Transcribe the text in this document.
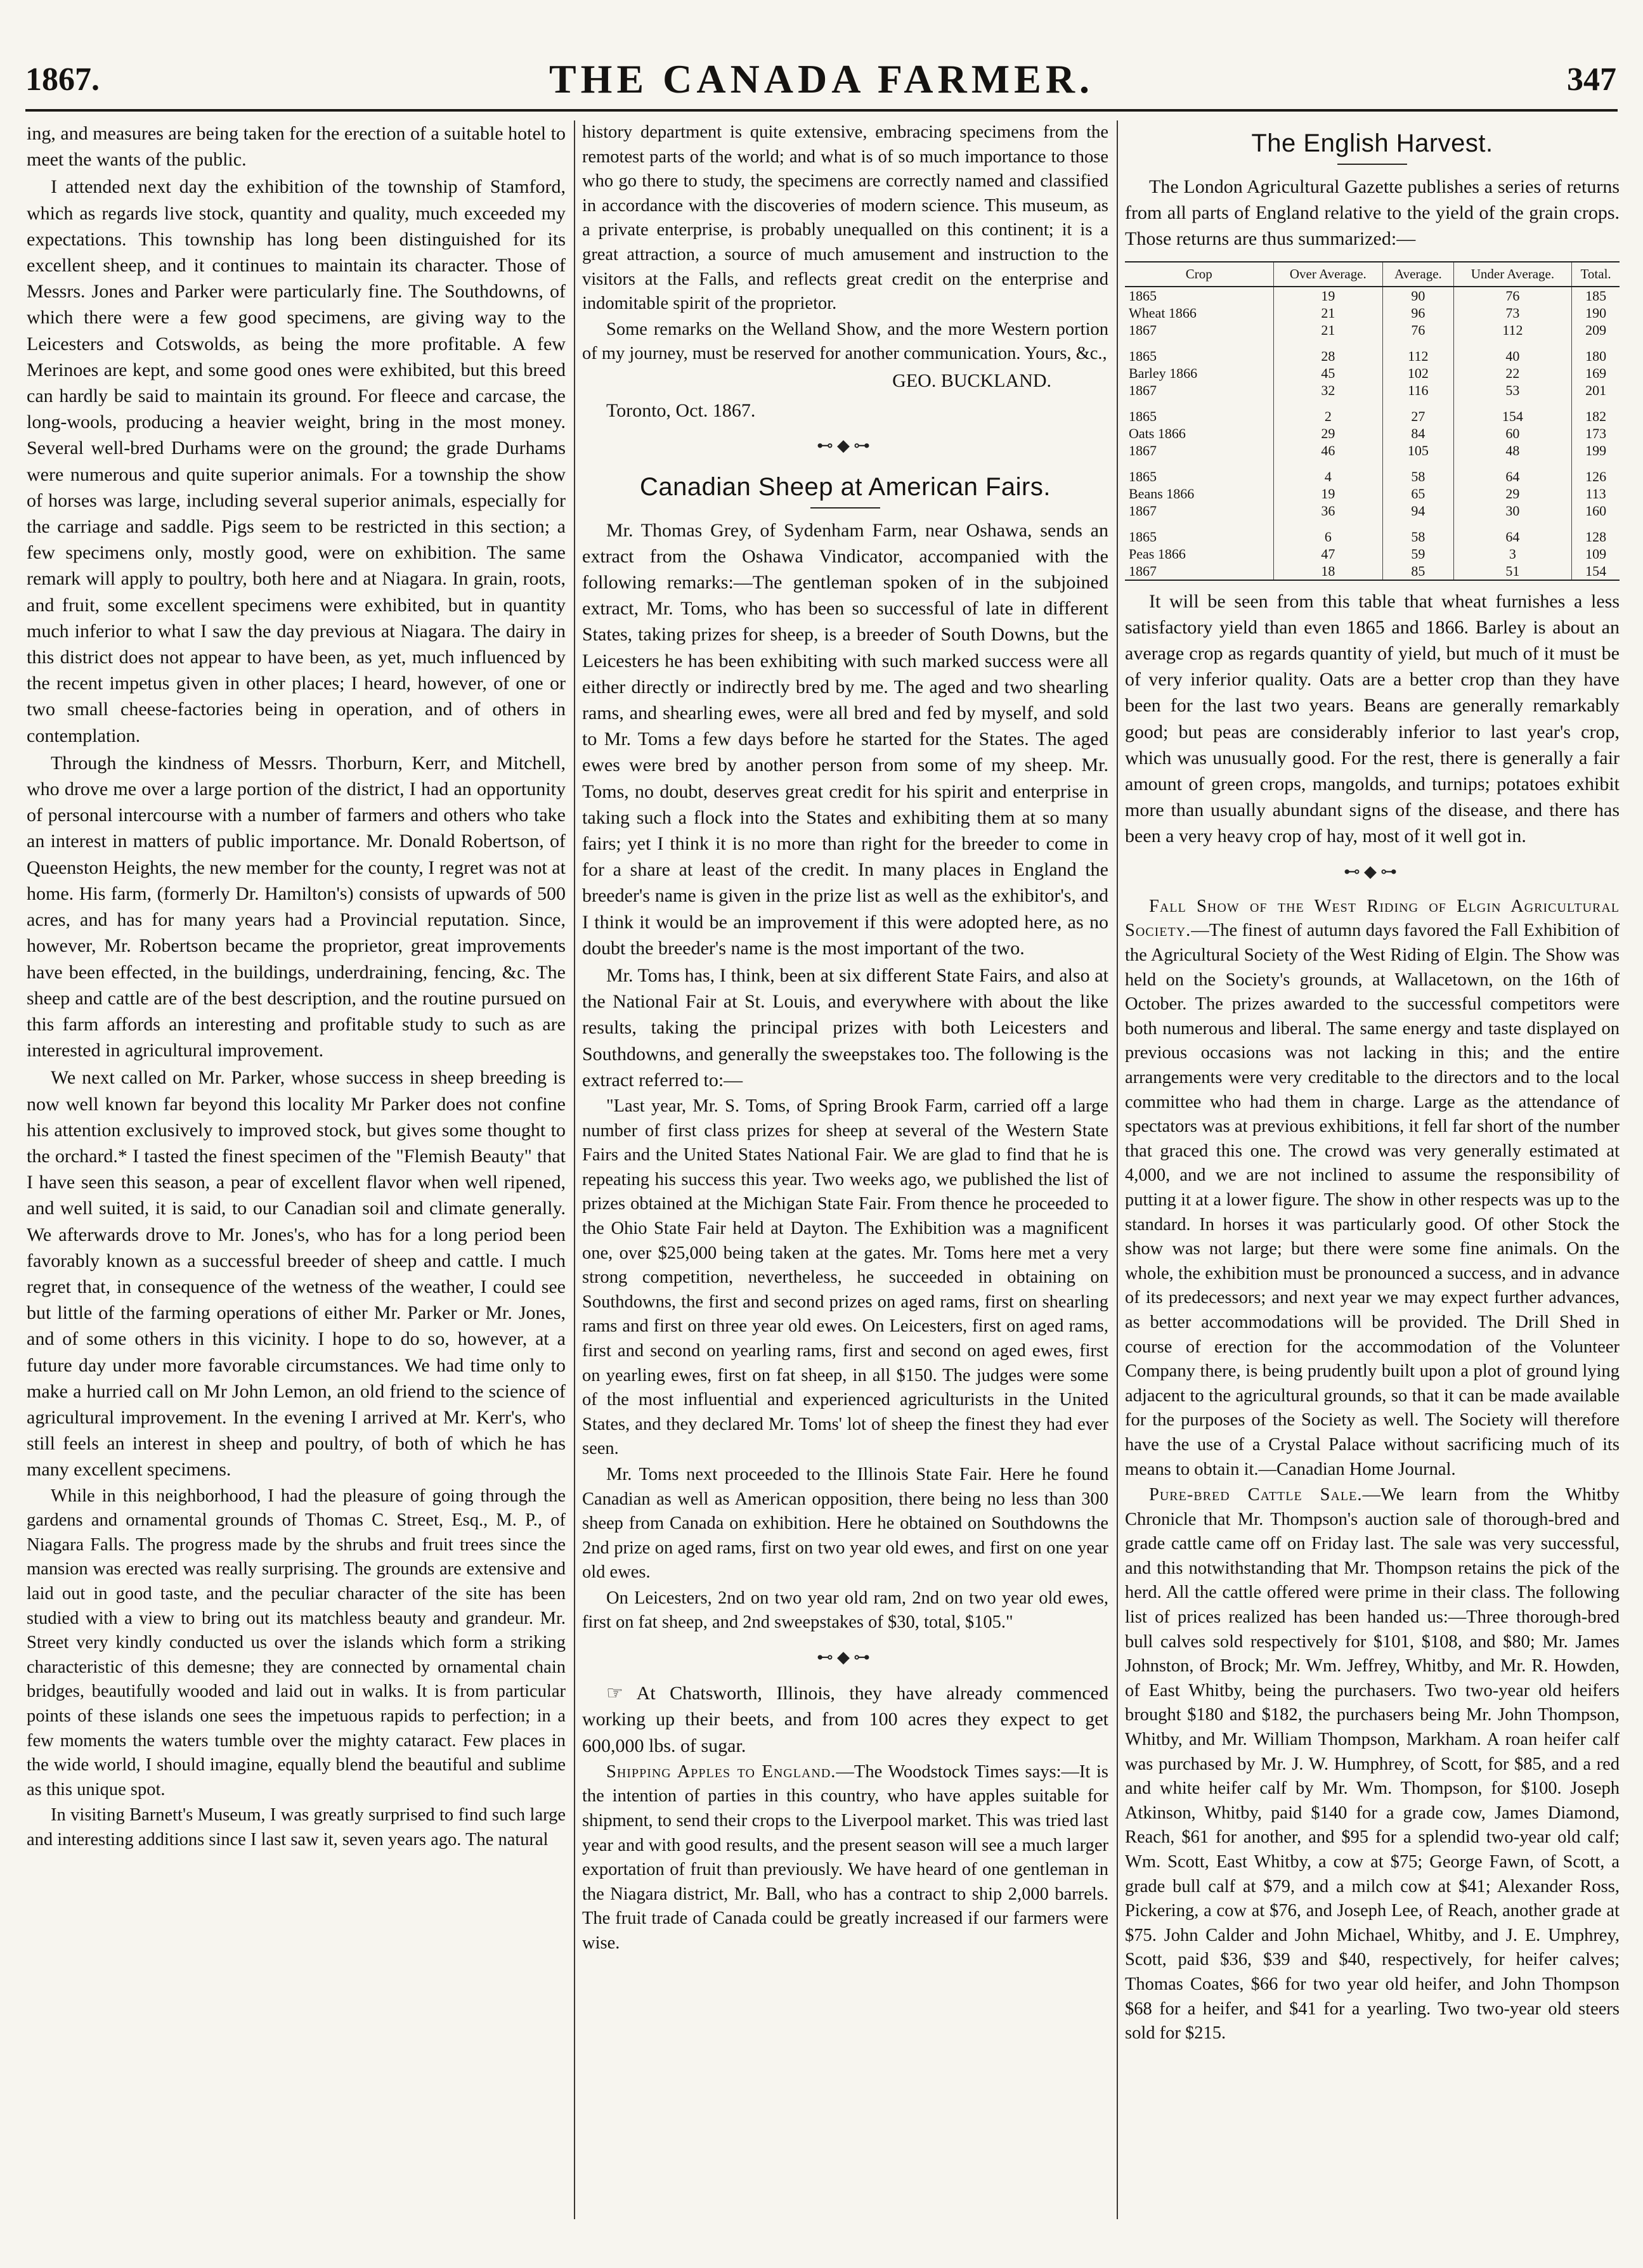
1867.	THE CANADA FARMER.	347

ing, and measures are being taken for the erection of a suitable hotel to meet the wants of the public.

I attended next day the exhibition of the township of Stamford, which as regards live stock, quantity and quality, much exceeded my expectations. This township has long been distinguished for its excellent sheep, and it continues to maintain its character. Those of Messrs. Jones and Parker were particularly fine. The Southdowns, of which there were a few good specimens, are giving way to the Leicesters and Cotswolds, as being the more profitable. A few Merinoes are kept, and some good ones were exhibited, but this breed can hardly be said to maintain its ground. For fleece and carcase, the long-wools, producing a heavier weight, bring in the most money. Several well-bred Durhams were on the ground; the grade Durhams were numerous and quite superior animals. For a township the show of horses was large, including several superior animals, especially for the carriage and saddle. Pigs seem to be restricted in this section; a few specimens only, mostly good, were on exhibition. The same remark will apply to poultry, both here and at Niagara. In grain, roots, and fruit, some excellent specimens were exhibited, but in quantity much inferior to what I saw the day previous at Niagara. The dairy in this district does not appear to have been, as yet, much influenced by the recent impetus given in other places; I heard, however, of one or two small cheese-factories being in operation, and of others in contemplation.

Through the kindness of Messrs. Thorburn, Kerr, and Mitchell, who drove me over a large portion of the district, I had an opportunity of personal intercourse with a number of farmers and others who take an interest in matters of public importance. Mr. Donald Robertson, of Queenston Heights, the new member for the county, I regret was not at home. His farm, (formerly Dr. Hamilton's) consists of upwards of 500 acres, and has for many years had a Provincial reputation. Since, however, Mr. Robertson became the proprietor, great improvements have been effected, in the buildings, underdraining, fencing, &c. The sheep and cattle are of the best description, and the routine pursued on this farm affords an interesting and profitable study to such as are interested in agricultural improvement.

We next called on Mr. Parker, whose success in sheep breeding is now well known far beyond this locality Mr Parker does not confine his attention exclusively to improved stock, but gives some thought to the orchard.* I tasted the finest specimen of the "Flemish Beauty" that I have seen this season, a pear of excellent flavor when well ripened, and well suited, it is said, to our Canadian soil and climate generally. We afterwards drove to Mr. Jones's, who has for a long period been favorably known as a successful breeder of sheep and cattle. I much regret that, in consequence of the wetness of the weather, I could see but little of the farming operations of either Mr. Parker or Mr. Jones, and of some others in this vicinity. I hope to do so, however, at a future day under more favorable circumstances. We had time only to make a hurried call on Mr John Lemon, an old friend to the science of agricultural improvement. In the evening I arrived at Mr. Kerr's, who still feels an interest in sheep and poultry, of both of which he has many excellent specimens.

While in this neighborhood, I had the pleasure of going through the gardens and ornamental grounds of Thomas C. Street, Esq., M. P., of Niagara Falls. The progress made by the shrubs and fruit trees since the mansion was erected was really surprising. The grounds are extensive and laid out in good taste, and the peculiar character of the site has been studied with a view to bring out its matchless beauty and grandeur. Mr. Street very kindly conducted us over the islands which form a striking characteristic of this demesne; they are connected by ornamental chain bridges, beautifully wooded and laid out in walks. It is from particular points of these islands one sees the impetuous rapids to perfection; in a few moments the waters tumble over the mighty cataract. Few places in the wide world, I should imagine, equally blend the beautiful and sublime as this unique spot.

In visiting Barnett's Museum, I was greatly surprised to find such large and interesting additions since I last saw it, seven years ago. The natural

history department is quite extensive, embracing specimens from the remotest parts of the world; and what is of so much importance to those who go there to study, the specimens are correctly named and classified in accordance with the discoveries of modern science. This museum, as a private enterprise, is probably unequalled on this continent; it is a great attraction, a source of much amusement and instruction to the visitors at the Falls, and reflects great credit on the enterprise and indomitable spirit of the proprietor.

Some remarks on the Welland Show, and the more Western portion of my journey, must be reserved for another communication. Yours, &c.,

GEO. BUCKLAND.

Toronto, Oct. 1867.

⊷◆⊶
Canadian Sheep at American Fairs.

Mr. Thomas Grey, of Sydenham Farm, near Oshawa, sends an extract from the Oshawa Vindicator, accompanied with the following remarks:—The gentleman spoken of in the subjoined extract, Mr. Toms, who has been so successful of late in different States, taking prizes for sheep, is a breeder of South Downs, but the Leicesters he has been exhibiting with such marked success were all either directly or indirectly bred by me. The aged and two shearling rams, and shearling ewes, were all bred and fed by myself, and sold to Mr. Toms a few days before he started for the States. The aged ewes were bred by another person from some of my sheep. Mr. Toms, no doubt, deserves great credit for his spirit and enterprise in taking such a flock into the States and exhibiting them at so many fairs; yet I think it is no more than right for the breeder to come in for a share at least of the credit. In many places in England the breeder's name is given in the prize list as well as the exhibitor's, and I think it would be an improvement if this were adopted here, as no doubt the breeder's name is the most important of the two.

Mr. Toms has, I think, been at six different State Fairs, and also at the National Fair at St. Louis, and everywhere with about the like results, taking the principal prizes with both Leicesters and Southdowns, and generally the sweepstakes too. The following is the extract referred to:—

"Last year, Mr. S. Toms, of Spring Brook Farm, carried off a large number of first class prizes for sheep at several of the Western State Fairs and the United States National Fair. We are glad to find that he is repeating his success this year. Two weeks ago, we published the list of prizes obtained at the Michigan State Fair. From thence he proceeded to the Ohio State Fair held at Dayton. The Exhibition was a magnificent one, over $25,000 being taken at the gates. Mr. Toms here met a very strong competition, nevertheless, he succeeded in obtaining on Southdowns, the first and second prizes on aged rams, first on shearling rams and first on three year old ewes. On Leicesters, first on aged rams, first and second on yearling rams, first and second on aged ewes, first on yearling ewes, first on fat sheep, in all $150. The judges were some of the most influential and experienced agriculturists in the United States, and they declared Mr. Toms' lot of sheep the finest they had ever seen.

Mr. Toms next proceeded to the Illinois State Fair. Here he found Canadian as well as American opposition, there being no less than 300 sheep from Canada on exhibition. Here he obtained on Southdowns the 2nd prize on aged rams, first on two year old ewes, and first on one year old ewes.

On Leicesters, 2nd on two year old ram, 2nd on two year old ewes, first on fat sheep, and 2nd sweepstakes of $30, total, $105."

⊷◆⊶

☞ At Chatsworth, Illinois, they have already commenced working up their beets, and from 100 acres they expect to get 600,000 lbs. of sugar.

Shipping Apples to England.—The Woodstock Times says:—It is the intention of parties in this country, who have apples suitable for shipment, to send their crops to the Liverpool market. This was tried last year and with good results, and the present season will see a much larger exportation of fruit than previously. We have heard of one gentleman in the Niagara district, Mr. Ball, who has a contract to ship 2,000 barrels. The fruit trade of Canada could be greatly increased if our farmers were wise.

The English Harvest.

The London Agricultural Gazette publishes a series of returns from all parts of England relative to the yield of the grain crops. Those returns are thus summarized:—

Crop	Over Average.	Average.	Under Average.	Total.
1865	19	90	76	185
Wheat 1866	21	96	73	190
1867	21	76	112	209

1865	28	112	40	180
Barley 1866	45	102	22	169
1867	32	116	53	201

1865	2	27	154	182
Oats 1866	29	84	60	173
1867	46	105	48	199

1865	4	58	64	126
Beans 1866	19	65	29	113
1867	36	94	30	160

1865	6	58	64	128
Peas 1866	47	59	3	109
1867	18	85	51	154

It will be seen from this table that wheat furnishes a less satisfactory yield than even 1865 and 1866. Barley is about an average crop as regards quantity of yield, but much of it must be of very inferior quality. Oats are a better crop than they have been for the last two years. Beans are generally remarkably good; but peas are considerably inferior to last year's crop, which was unusually good. For the rest, there is generally a fair amount of green crops, mangolds, and turnips; potatoes exhibit more than usually abundant signs of the disease, and there has been a very heavy crop of hay, most of it well got in.

⊷◆⊶

Fall Show of the West Riding of Elgin Agricultural Society.—The finest of autumn days favored the Fall Exhibition of the Agricultural Society of the West Riding of Elgin. The Show was held on the Society's grounds, at Wallacetown, on the 16th of October. The prizes awarded to the successful competitors were both numerous and liberal. The same energy and taste displayed on previous occasions was not lacking in this; and the entire arrangements were very creditable to the directors and to the local committee who had them in charge. Large as the attendance of spectators was at previous exhibitions, it fell far short of the number that graced this one. The crowd was very generally estimated at 4,000, and we are not inclined to assume the responsibility of putting it at a lower figure. The show in other respects was up to the standard. In horses it was particularly good. Of other Stock the show was not large; but there were some fine animals. On the whole, the exhibition must be pronounced a success, and in advance of its predecessors; and next year we may expect further advances, as better accommodations will be provided. The Drill Shed in course of erection for the accommodation of the Volunteer Company there, is being prudently built upon a plot of ground lying adjacent to the agricultural grounds, so that it can be made available for the purposes of the Society as well. The Society will therefore have the use of a Crystal Palace without sacrificing much of its means to obtain it.—Canadian Home Journal.

Pure-bred Cattle Sale.—We learn from the Whitby Chronicle that Mr. Thompson's auction sale of thorough-bred and grade cattle came off on Friday last. The sale was very successful, and this notwithstanding that Mr. Thompson retains the pick of the herd. All the cattle offered were prime in their class. The following list of prices realized has been handed us:—Three thorough-bred bull calves sold respectively for $101, $108, and $80; Mr. James Johnston, of Brock; Mr. Wm. Jeffrey, Whitby, and Mr. R. Howden, of East Whitby, being the purchasers. Two two-year old heifers brought $180 and $182, the purchasers being Mr. John Thompson, Whitby, and Mr. William Thompson, Markham. A roan heifer calf was purchased by Mr. J. W. Humphrey, of Scott, for $85, and a red and white heifer calf by Mr. Wm. Thompson, for $100. Joseph Atkinson, Whitby, paid $140 for a grade cow, James Diamond, Reach, $61 for another, and $95 for a splendid two-year old calf; Wm. Scott, East Whitby, a cow at $75; George Fawn, of Scott, a grade bull calf at $79, and a milch cow at $41; Alexander Ross, Pickering, a cow at $76, and Joseph Lee, of Reach, another grade at $75. John Calder and John Michael, Whitby, and J. E. Umphrey, Scott, paid $36, $39 and $40, respectively, for heifer calves; Thomas Coates, $66 for two year old heifer, and John Thompson $68 for a heifer, and $41 for a yearling. Two two-year old steers sold for $215.
